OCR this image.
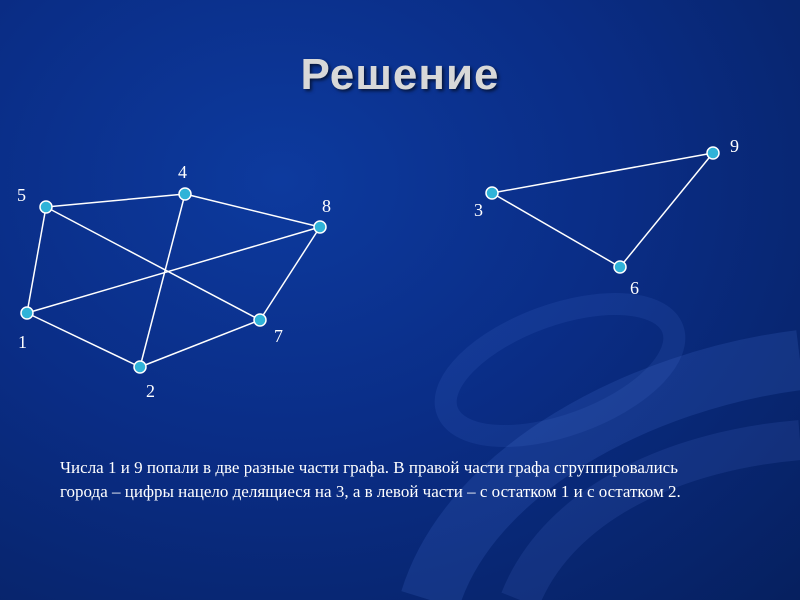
Решение
1
2
3
4
5
6
7
8
9

Числа 1 и 9 попали в две разные части графа. В правой части графа сгруппировались города – цифры нацело делящиеся на 3, а в левой части – с остатком 1 и с остатком 2.
